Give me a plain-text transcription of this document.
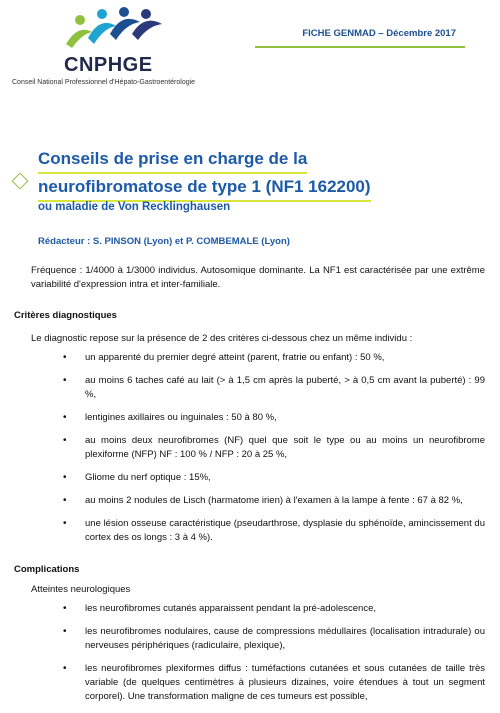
CNPHGE
Conseil National Professionnel d'Hépato-Gastroentérologie
FICHE GENMAD – Décembre 2017
Conseils de prise en charge de la
neurofibromatose de type 1 (NF1 162200)
ou maladie de Von Recklinghausen
Rédacteur : S. PINSON (Lyon) et P. COMBEMALE (Lyon)
Fréquence : 1/4000 à 1/3000 individus. Autosomique dominante. La NF1 est caractérisée par une extrême variabilité d'expression intra et inter-familiale.
Critères diagnostiques
Le diagnostic repose sur la présence de 2 des critères ci-dessous chez un même individu :
• un apparenté du premier degré atteint (parent, fratrie ou enfant) : 50 %,
• au moins 6 taches café au lait (> à 1,5 cm après la puberté, > à 0,5 cm avant la puberté) : 99 %,
• lentigines axillaires ou inguinales : 50 à 80 %,
• au moins deux neurofibromes (NF) quel que soit le type ou au moins un neurofibrome plexiforme (NFP) NF : 100 % / NFP : 20 à 25 %,
• Gliome du nerf optique : 15%,
• au moins 2 nodules de Lisch (harmatome irien) à l'examen à la lampe à fente : 67 à 82 %,
• une lésion osseuse caractéristique (pseudarthrose, dysplasie du sphénoïde, amincissement du cortex des os longs : 3 à 4 %).
Complications
Atteintes neurologiques
• les neurofibromes cutanés apparaissent pendant la pré-adolescence,
• les neurofibromes nodulaires, cause de compressions médullaires (localisation intradurale) ou nerveuses périphériques (radiculaire, plexique),
• les neurofibromes plexiformes diffus : tuméfactions cutanées et sous cutanées de taille très variable (de quelques centimètres à plusieurs dizaines, voire étendues à tout un segment corporel). Une transformation maligne de ces tumeurs est possible,
